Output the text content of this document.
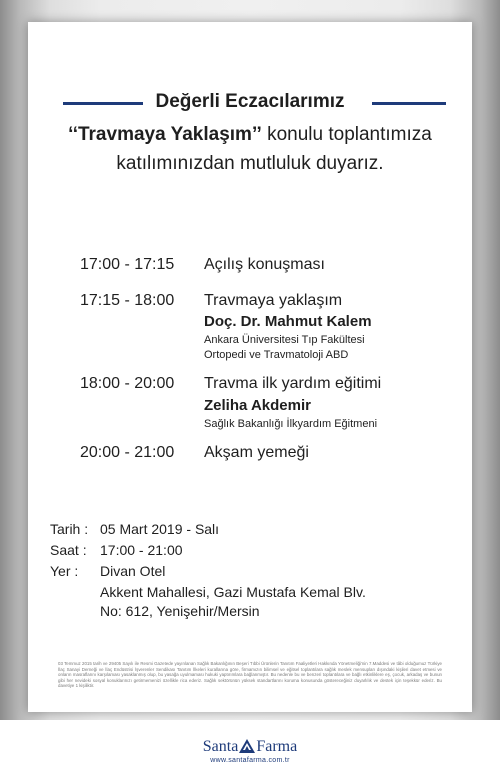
Değerli Eczacılarımız
‘‘Travmaya Yaklaşım’’ konulu toplantımıza
katılımınızdan mutluluk duyarız.
17:00 - 17:15 Açılış konuşması
17:15 - 18:00 Travmaya yaklaşım
Doç. Dr. Mahmut Kalem
Ankara Üniversitesi Tıp Fakültesi
Ortopedi ve Travmatoloji ABD
18:00 - 20:00 Travma ilk yardım eğitimi
Zeliha Akdemir
Sağlık Bakanlığı İlkyardım Eğitmeni
20:00 - 21:00 Akşam yemeği
Tarih : 05 Mart 2019 - Salı
Saat : 17:00 - 21:00
Yer : Divan Otel
Akkent Mahallesi, Gazi Mustafa Kemal Blv.
No: 612, Yenişehir/Mersin
03 Temmuz 2015 tarih ve 29405 Sayılı ile Resmi Gazetede yayınlanan Sağlık Bakanlığının Beşeri Tıbbi Ürünlerin Tanıtım Faaliyetleri Hakkında Yönetmeliği'nin 7.Maddesi ve tâbi olduğumuz Türkiye İlaç Sanayi Derneği ve İlaç Endüstrisi İşverenler Sendikası Tanıtım İlkeleri kurallarına göre, firmamızın bilimsel ve eğitsel toplantılara sağlık meslek mensupları dışındaki kişileri davet etmesi ve onların masraflarını karşılaması yasaklanmış olup, bu yasağa uyulmaması hukuki yaptırımlara bağlanmıştır. Bu nedenle bu ve benzeri toplantılara ve bağlı etkinliklere eş, çocuk, arkadaş ve bunun gibi her nevideki sosyal konuklarınızı getirmemenizi özellikle rica ederiz. Sağlık sektörünün yüksek standartlarını koruma konusunda göstereceğiniz duyarlılık ve destek için teşekkür ederiz. Bu davetiye 1 kişiliktir.
Santa Farma
www.santafarma.com.tr
